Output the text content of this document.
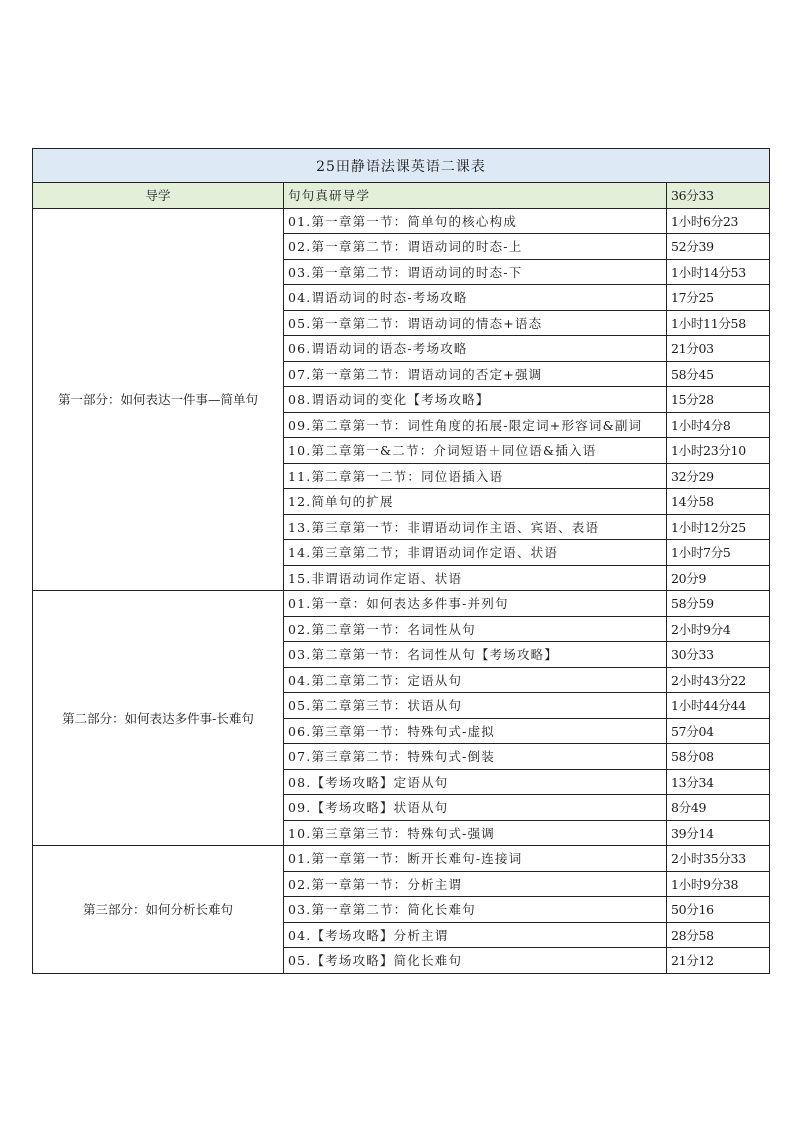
25田静语法课英语二课表		
导学	句句真研导学	36分33
第一部分：如何表达一件事—简单句	01.第一章第一节：简单句的核心构成	1小时6分23
	02.第一章第二节：谓语动词的时态-上	52分39
	03.第一章第二节：谓语动词的时态-下	1小时14分53
	04.谓语动词的时态-考场攻略	17分25
	05.第一章第二节：谓语动词的情态+语态	1小时11分58
	06.谓语动词的语态-考场攻略	21分03
	07.第一章第二节：谓语动词的否定+强调	58分45
	08.谓语动词的变化【考场攻略】	15分28
	09.第二章第一节：词性角度的拓展-限定词+形容词&副词	1小时4分8
	10.第二章第一&二节：介词短语＋同位语&插入语	1小时23分10
	11.第二章第一二节：同位语插入语	32分29
	12.简单句的扩展	14分58
	13.第三章第一节：非谓语动词作主语、宾语、表语	1小时12分25
	14.第三章第二节；非谓语动词作定语、状语	1小时7分5
	15.非谓语动词作定语、状语	20分9
第二部分：如何表达多件事-长难句	01.第一章：如何表达多件事-并列句	58分59
	02.第二章第一节：名词性从句	2小时9分4
	03.第二章第一节：名词性从句【考场攻略】	30分33
	04.第二章第二节：定语从句	2小时43分22
	05.第二章第三节：状语从句	1小时44分44
	06.第三章第一节：特殊句式-虚拟	57分04
	07.第三章第二节：特殊句式-倒装	58分08
	08.【考场攻略】定语从句	13分34
	09.【考场攻略】状语从句	8分49
	10.第三章第三节：特殊句式-强调	39分14
第三部分：如何分析长难句	01.第一章第一节：断开长难句-连接词	2小时35分33
	02.第一章第一节：分析主谓	1小时9分38
	03.第一章第二节：简化长难句	50分16
	04.【考场攻略】分析主谓	28分58
	05.【考场攻略】简化长难句	21分12
